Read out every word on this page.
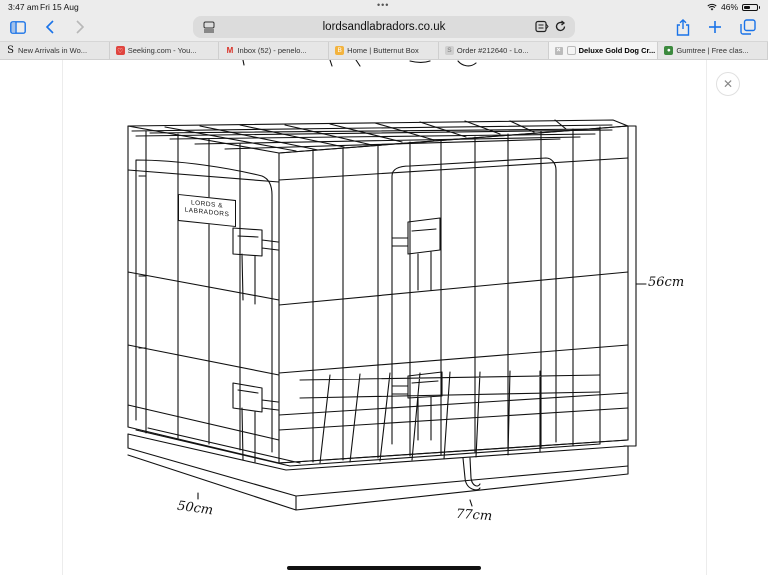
3:47 am Fri 15 Aug	•••	46%
lordsandlabradors.co.uk
S New Arrivals in Wo...	♡ Seeking.com - You...	M Inbox (52) - penelo...	B Home | Butternut Box	S Order #212640 - Lo...	× Deluxe Gold Dog Cr...	● Gumtree | Free clas...
✕
LORDS &
LABRADORS
56cm
50cm	77cm
